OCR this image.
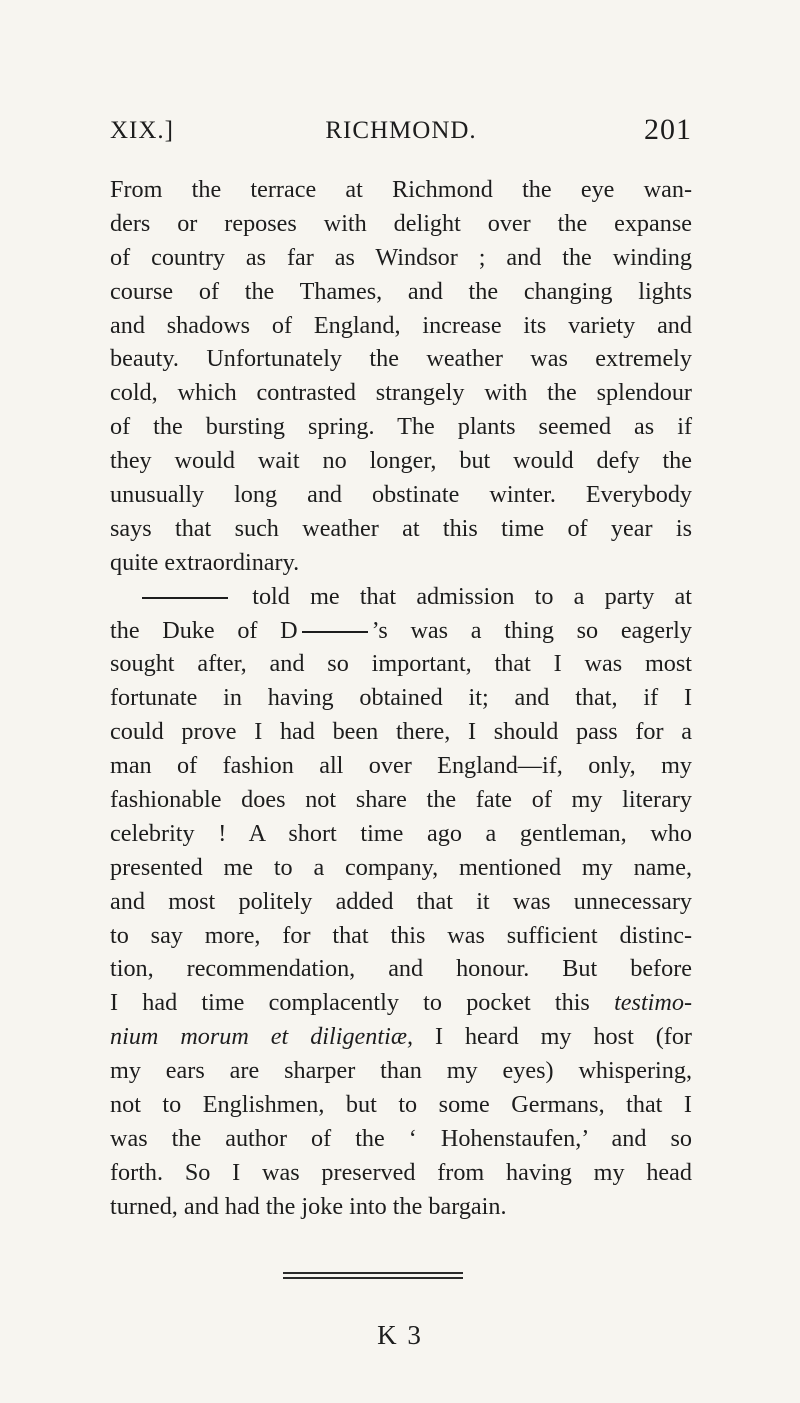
XIX.]	RICHMOND.	201
From the terrace at Richmond the eye wan-
ders or reposes with delight over the expanse
of country as far as Windsor ; and the winding
course of the Thames, and the changing lights
and shadows of England, increase its variety and
beauty. Unfortunately the weather was extremely
cold, which contrasted strangely with the splendour
of the bursting spring. The plants seemed as if
they would wait no longer, but would defy the
unusually long and obstinate winter. Everybody
says that such weather at this time of year is
quite extraordinary.
told me that admission to a party at
the Duke of D	’s was a thing so eagerly
sought after, and so important, that I was most
fortunate in having obtained it; and that, if I
could prove I had been there, I should pass for a
man of fashion all over England—if, only, my
fashionable does not share the fate of my literary
celebrity ! A short time ago a gentleman, who
presented me to a company, mentioned my name,
and most politely added that it was unnecessary
to say more, for that this was sufficient distinc-
tion, recommendation, and honour. But before
I had time complacently to pocket this testimo-
nium morum et diligentiæ, I heard my host (for
my ears are sharper than my eyes) whispering,
not to Englishmen, but to some Germans, that I
was the author of the ‘ Hohenstaufen,’ and so
forth. So I was preserved from having my head
turned, and had the joke into the bargain.
K 3
